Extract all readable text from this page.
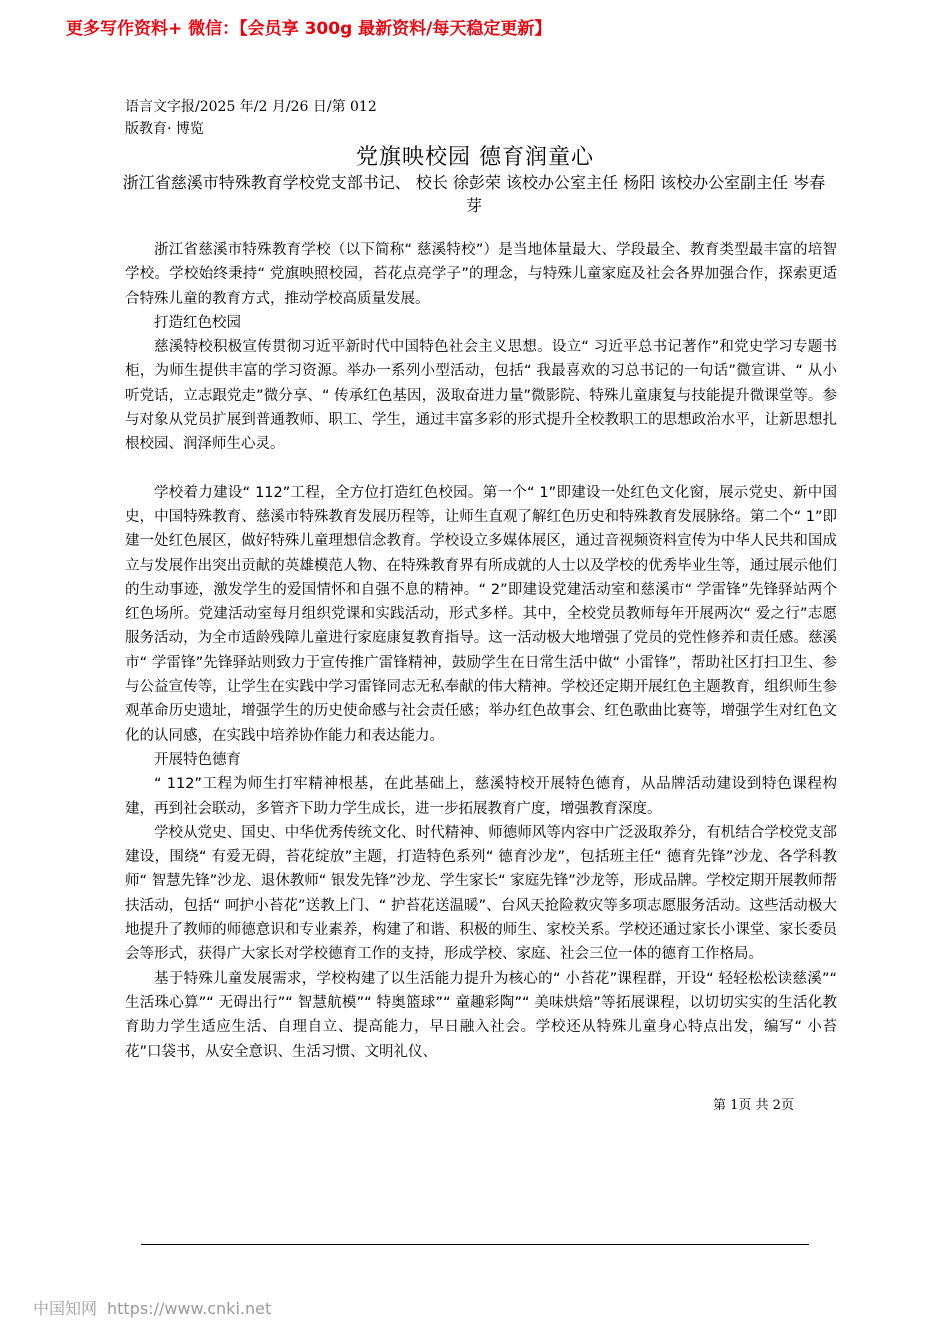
更多写作资料+ 微信：【会员享 300g 最新资料/每天稳定更新】
语言文字报/2025 年/2 月/26 日/第 012
版教育· 博览
党旗映校园 德育润童心
浙江省慈溪市特殊教育学校党支部书记、 校长 徐彭荣 该校办公室主任 杨阳 该校办公室副主任 岑春芽

浙江省慈溪市特殊教育学校（以下简称“ 慈溪特校”）是当地体量最大、学段最全、教育类型最丰富的培智学校。学校始终秉持“ 党旗映照校园，苔花点亮学子”的理念，与特殊儿童家庭及社会各界加强合作，探索更适合特殊儿童的教育方式，推动学校高质量发展。

打造红色校园

慈溪特校积极宣传贯彻习近平新时代中国特色社会主义思想。设立“ 习近平总书记著作”和党史学习专题书柜，为师生提供丰富的学习资源。举办一系列小型活动，包括“ 我最喜欢的习总书记的一句话”微宣讲、“ 从小听党话，立志跟党走”微分享、“ 传承红色基因，汲取奋进力量”微影院、特殊儿童康复与技能提升微课堂等。参与对象从党员扩展到普通教师、职工、学生，通过丰富多彩的形式提升全校教职工的思想政治水平，让新思想扎根校园、润泽师生心灵。

学校着力建设“ 112”工程，全方位打造红色校园。第一个“ 1”即建设一处红色文化窗，展示党史、新中国史，中国特殊教育、慈溪市特殊教育发展历程等，让师生直观了解红色历史和特殊教育发展脉络。第二个“ 1”即建一处红色展区，做好特殊儿童理想信念教育。学校设立多媒体展区，通过音视频资料宣传为中华人民共和国成立与发展作出突出贡献的英雄模范人物、在特殊教育界有所成就的人士以及学校的优秀毕业生等，通过展示他们的生动事迹，激发学生的爱国情怀和自强不息的精神。“ 2”即建设党建活动室和慈溪市“ 学雷锋”先锋驿站两个红色场所。党建活动室每月组织党课和实践活动，形式多样。其中，全校党员教师每年开展两次“ 爱之行”志愿服务活动，为全市适龄残障儿童进行家庭康复教育指导。这一活动极大地增强了党员的党性修养和责任感。慈溪市“ 学雷锋”先锋驿站则致力于宣传推广雷锋精神，鼓励学生在日常生活中做“ 小雷锋”，帮助社区打扫卫生、参与公益宣传等，让学生在实践中学习雷锋同志无私奉献的伟大精神。学校还定期开展红色主题教育，组织师生参观革命历史遗址，增强学生的历史使命感与社会责任感；举办红色故事会、红色歌曲比赛等，增强学生对红色文化的认同感，在实践中培养协作能力和表达能力。

开展特色德育

“ 112”工程为师生打牢精神根基，在此基础上，慈溪特校开展特色德育，从品牌活动建设到特色课程构建，再到社会联动，多管齐下助力学生成长，进一步拓展教育广度，增强教育深度。

学校从党史、国史、中华优秀传统文化、时代精神、师德师风等内容中广泛汲取养分，有机结合学校党支部建设，围绕“ 有爱无碍，苔花绽放”主题，打造特色系列“ 德育沙龙”，包括班主任“ 德育先锋”沙龙、各学科教师“ 智慧先锋”沙龙、退休教师“ 银发先锋”沙龙、学生家长“ 家庭先锋”沙龙等，形成品牌。学校定期开展教师帮扶活动，包括“ 呵护小苔花”送教上门、“ 护苔花送温暖”、台风天抢险救灾等多项志愿服务活动。这些活动极大地提升了教师的师德意识和专业素养，构建了和谐、积极的师生、家校关系。学校还通过家长小课堂、家长委员会等形式，获得广大家长对学校德育工作的支持，形成学校、家庭、社会三位一体的德育工作格局。

基于特殊儿童发展需求，学校构建了以生活能力提升为核心的“ 小苔花”课程群，开设“ 轻轻松松读慈溪”“ 生活珠心算”“ 无碍出行”“ 智慧航模”“ 特奥篮球”“ 童趣彩陶”“ 美味烘焙”等拓展课程，以切切实实的生活化教育助力学生适应生活、自理自立、提高能力，早日融入社会。学校还从特殊儿童身心特点出发，编写“ 小苔花”口袋书，从安全意识、生活习惯、文明礼仪、

第 1页 共 2页
中国知网 https://www.cnki.net
